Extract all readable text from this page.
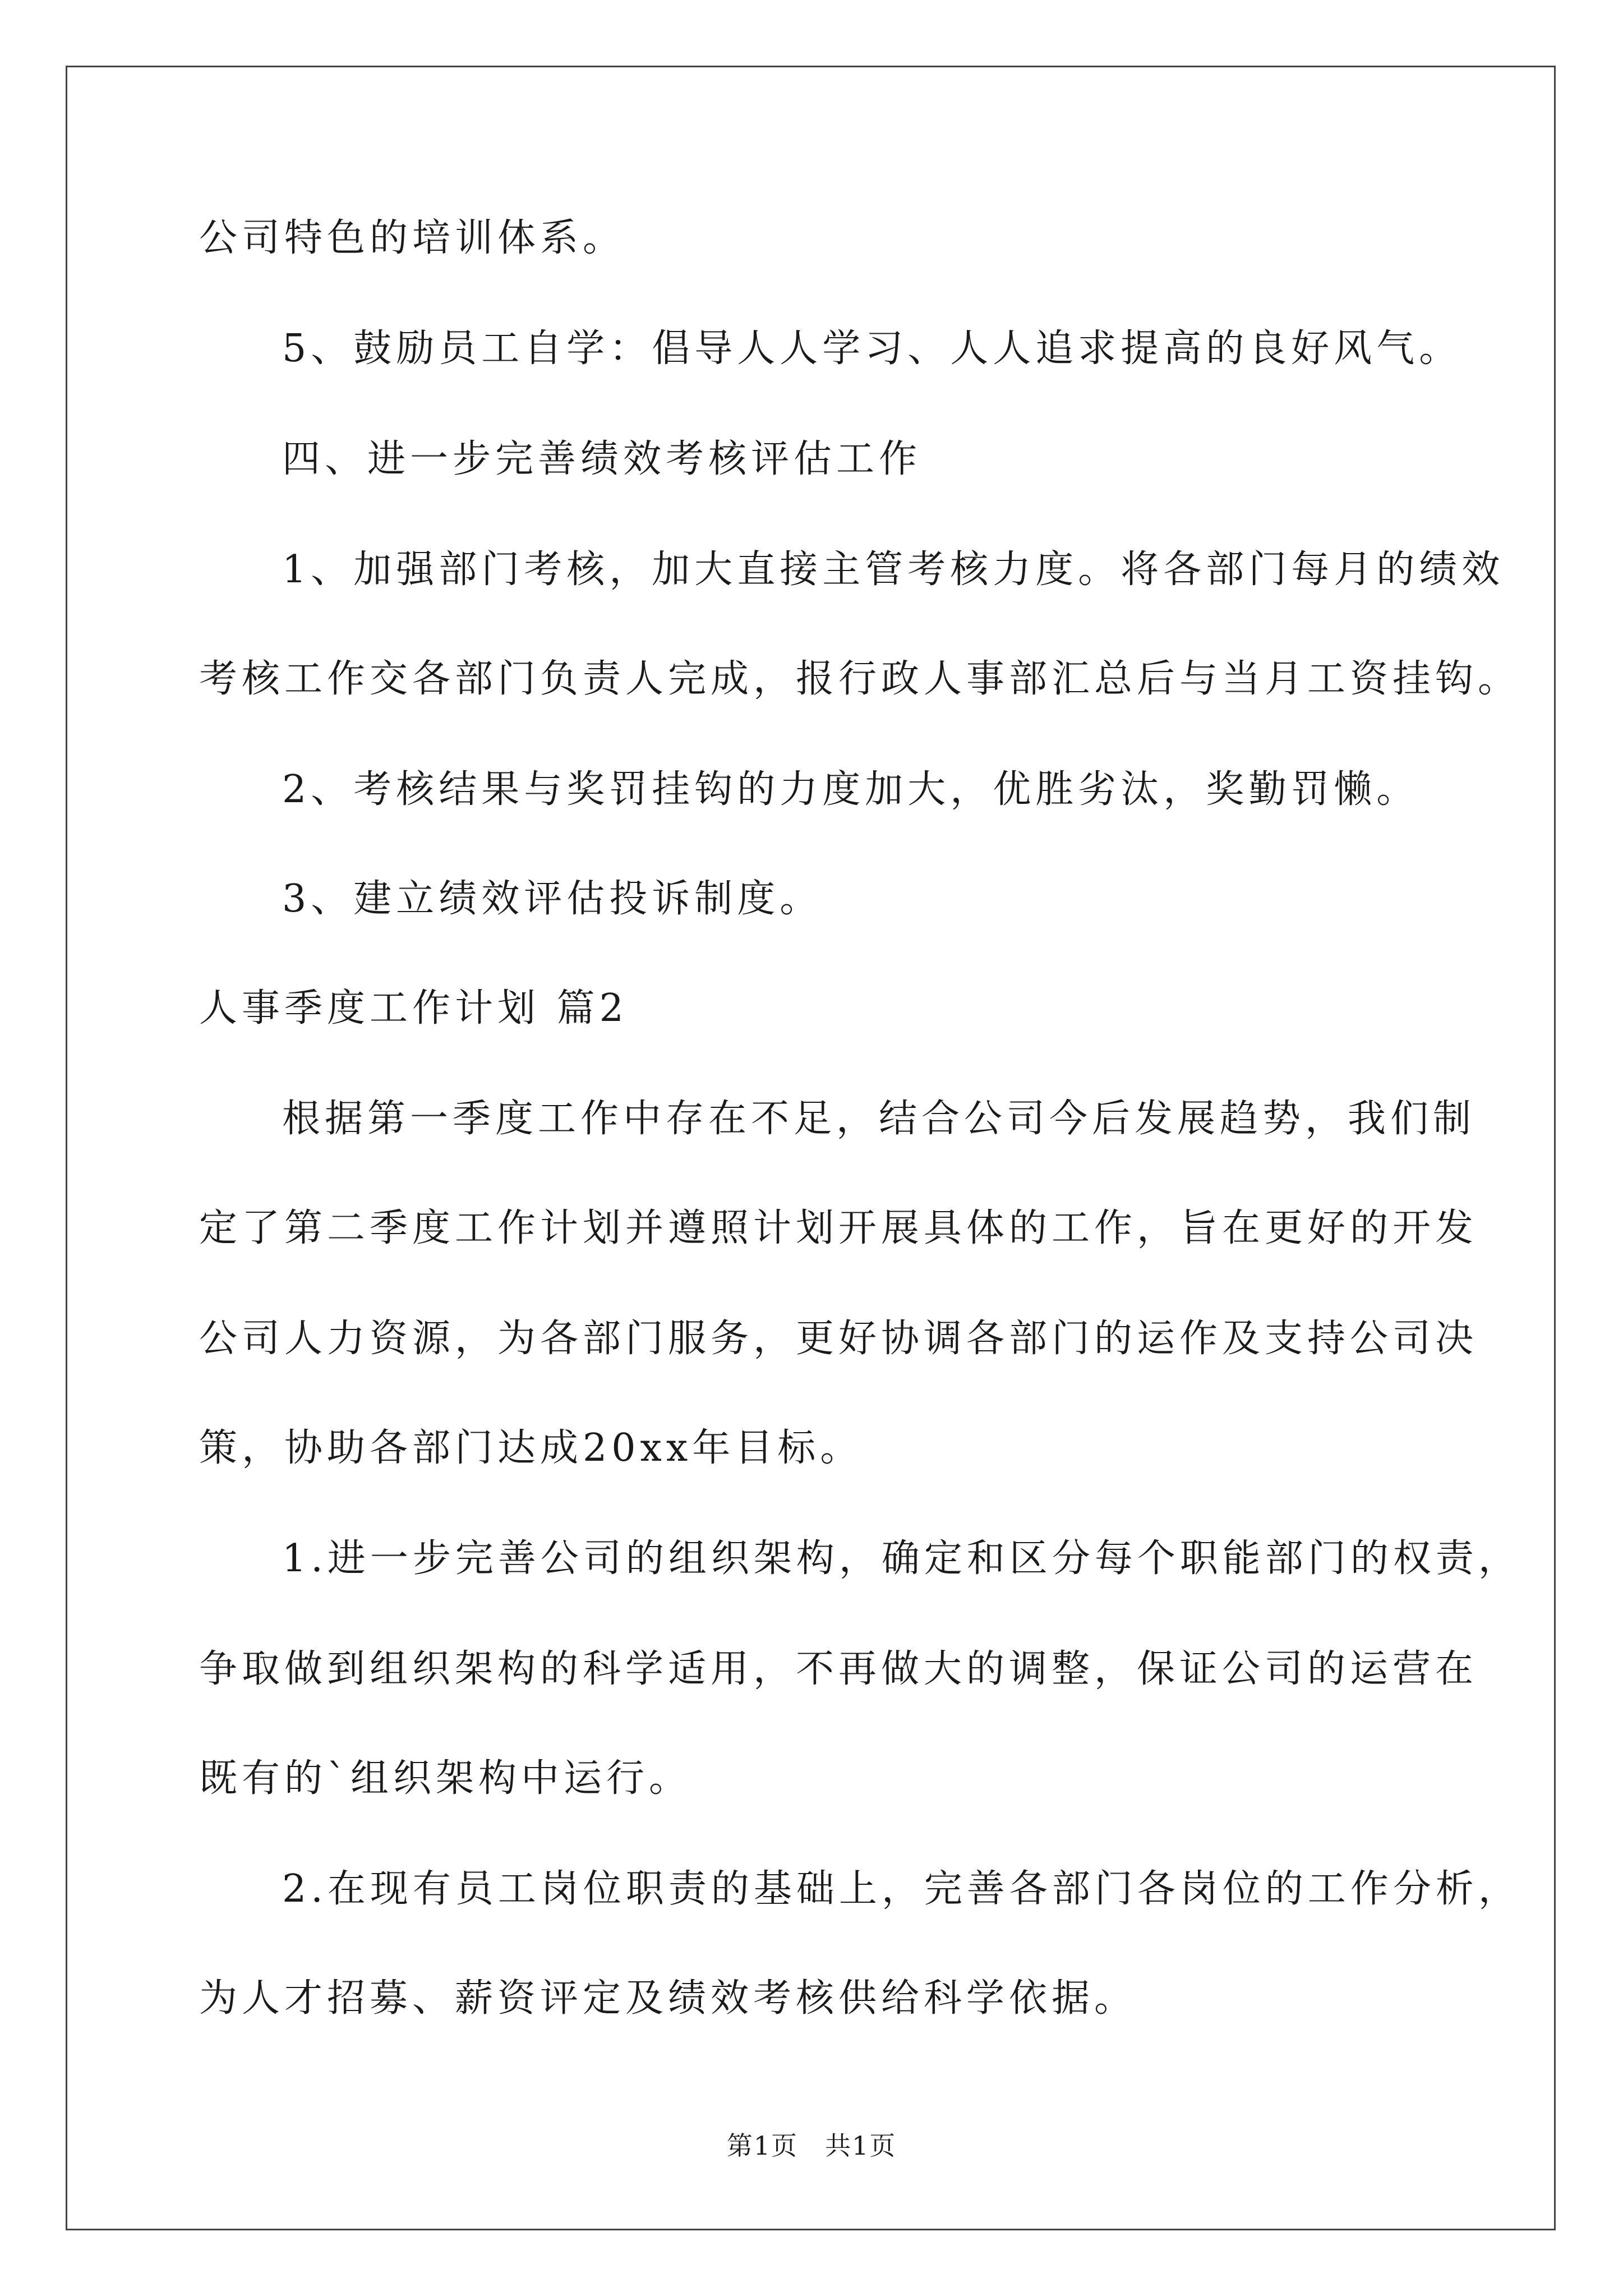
公司特色的培训体系。
5、鼓励员工自学：倡导人人学习、人人追求提高的良好风气。
四、进一步完善绩效考核评估工作
1、加强部门考核，加大直接主管考核力度。将各部门每月的绩效
考核工作交各部门负责人完成，报行政人事部汇总后与当月工资挂钩。
2、考核结果与奖罚挂钩的力度加大，优胜劣汰，奖勤罚懒。
3、建立绩效评估投诉制度。
人事季度工作计划 篇2
根据第一季度工作中存在不足，结合公司今后发展趋势，我们制
定了第二季度工作计划并遵照计划开展具体的工作，旨在更好的开发
公司人力资源，为各部门服务，更好协调各部门的运作及支持公司决
策，协助各部门达成20xx年目标。
1.进一步完善公司的组织架构，确定和区分每个职能部门的权责，
争取做到组织架构的科学适用，不再做大的调整，保证公司的运营在
既有的`组织架构中运行。
2.在现有员工岗位职责的基础上，完善各部门各岗位的工作分析，
为人才招募、薪资评定及绩效考核供给科学依据。
第1页　共1页
